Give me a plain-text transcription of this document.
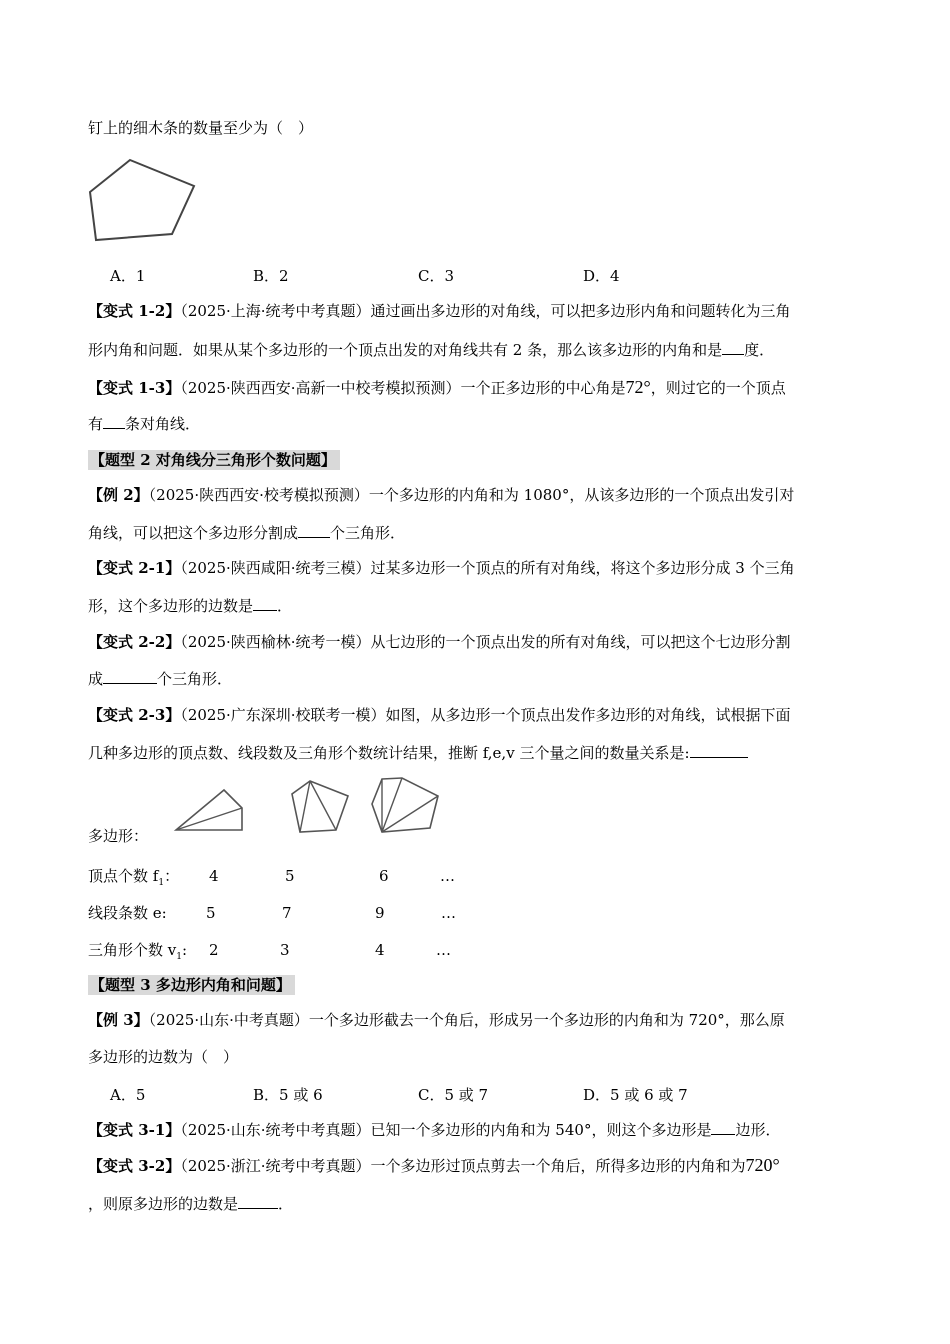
钉上的细木条的数量至少为（　）
A．1	B．2	C．3	D．4
【变式 1-2】（2025·上海·统考中考真题）通过画出多边形的对角线，可以把多边形内角和问题转化为三角
形内角和问题．如果从某个多边形的一个顶点出发的对角线共有 2 条，那么该多边形的内角和是 度．
【变式 1-3】（2025·陕西西安·高新一中校考模拟预测）一个正多边形的中心角是72°，则过它的一个顶点
有 条对角线．
【题型 2 对角线分三角形个数问题】
【例 2】（2025·陕西西安·校考模拟预测）一个多边形的内角和为 1080°，从该多边形的一个顶点出发引对
角线，可以把这个多边形分割成 个三角形．
【变式 2-1】（2025·陕西咸阳·统考三模）过某多边形一个顶点的所有对角线，将这个多边形分成 3 个三角
形，这个多边形的边数是 ．
【变式 2-2】（2025·陕西榆林·统考一模）从七边形的一个顶点出发的所有对角线，可以把这个七边形分割
成	个三角形．
【变式 2-3】（2025·广东深圳·校联考一模）如图，从多边形一个顶点出发作多边形的对角线，试根据下面
几种多边形的顶点数、线段数及三角形个数统计结果，推断 f,e,v 三个量之间的数量关系是:
多边形：
顶点个数 $f_1$： 4	5	6	…
线段条数 e:	5	7	9	…
三角形个数 $v_1$: 2	3	4	…
【题型 3 多边形内角和问题】
【例 3】（2025·山东·中考真题）一个多边形截去一个角后，形成另一个多边形的内角和为 720°，那么原
多边形的边数为（　）
A．5	B．5 或 6	C．5 或 7	D．5 或 6 或 7
【变式 3-1】（2025·山东·统考中考真题）已知一个多边形的内角和为 540°，则这个多边形是 边形．
【变式 3-2】（2025·浙江·统考中考真题）一个多边形过顶点剪去一个角后，所得多边形的内角和为720°
，则原多边形的边数是	．
